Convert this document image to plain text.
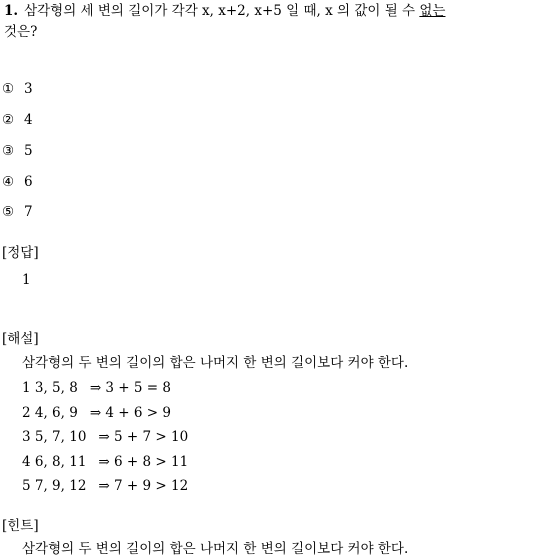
1. 삼각형의 세 변의 길이가 각각 x, x+2, x+5 일 때, x 의 값이 될 수 없는
것은?
① 3
② 4
③ 5
④ 6
⑤ 7
[정답]
1
[해설]
삼각형의 두 변의 길이의 합은 나머지 한 변의 길이보다 커야 한다.
1 3, 5, 8 ⇒ 3 + 5 = 8
2 4, 6, 9 ⇒ 4 + 6 > 9
3 5, 7, 10 ⇒ 5 + 7 > 10
4 6, 8, 11 ⇒ 6 + 8 > 11
5 7, 9, 12 ⇒ 7 + 9 > 12
[힌트]
삼각형의 두 변의 길이의 합은 나머지 한 변의 길이보다 커야 한다.
